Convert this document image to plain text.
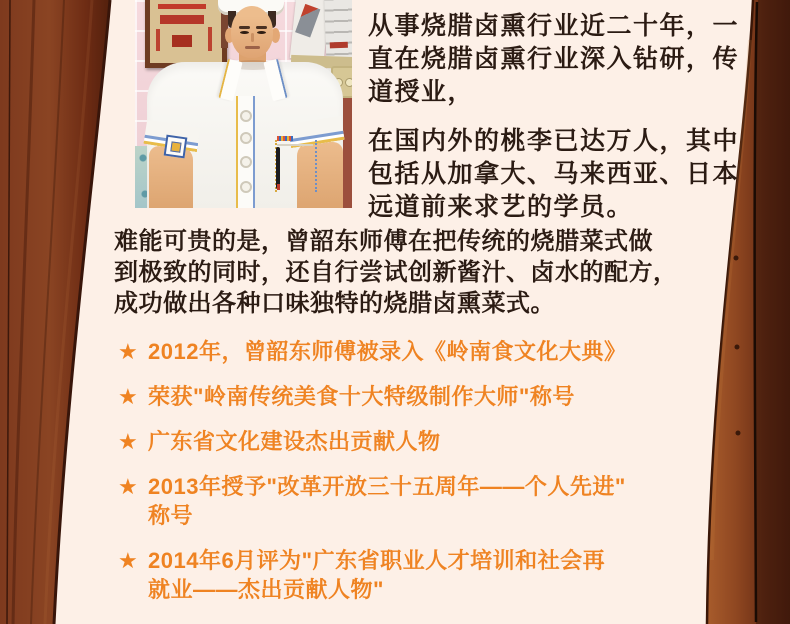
从事烧腊卤熏行业近二十年，一
直在烧腊卤熏行业深入钻研，传
道授业，
在国内外的桃李已达万人，其中
包括从加拿大、马来西亚、日本
远道前来求艺的学员。
难能可贵的是，曾韶东师傅在把传统的烧腊菜式做
到极致的同时，还自行尝试创新酱汁、卤水的配方，
成功做出各种口味独特的烧腊卤熏菜式。
★ 2012年，曾韶东师傅被录入《岭南食文化大典》
★ 荣获"岭南传统美食十大特级制作大师"称号
★ 广东省文化建设杰出贡献人物
★ 2013年授予"改革开放三十五周年——个人先进"
称号
★ 2014年6月评为"广东省职业人才培训和社会再
就业——杰出贡献人物"
